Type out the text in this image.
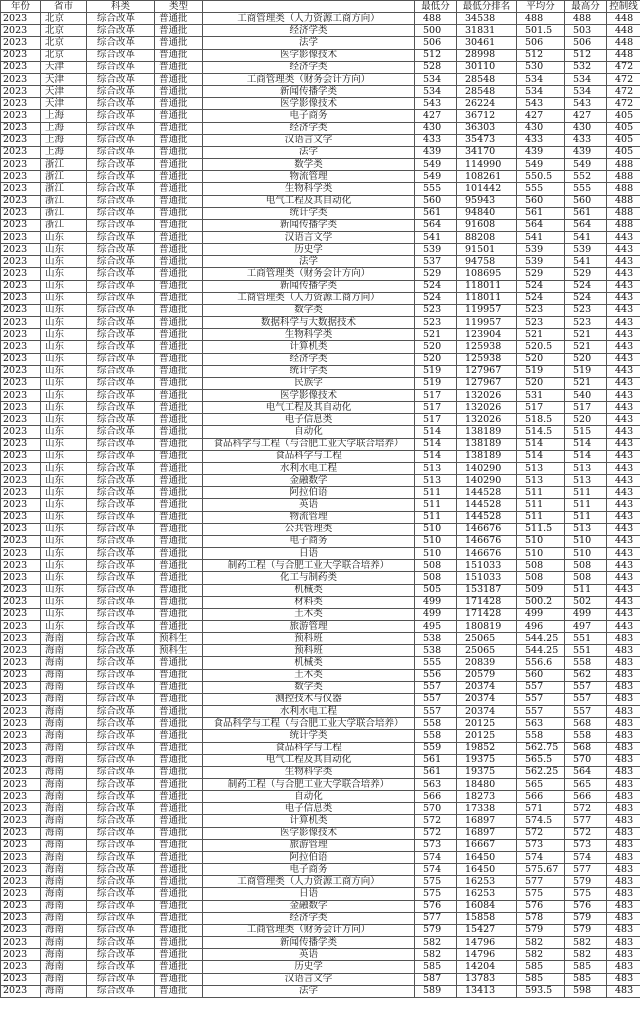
年份	省市	科类	类型		最低分	最低分排名	平均分	最高分	控制线
2023	北京	综合改革	普通批	工商管理类（人力资源工商方向）	488	34538	488	488	448
2023	北京	综合改革	普通批	经济学类	500	31831	501.5	503	448
2023	北京	综合改革	普通批	法学	506	30461	506	506	448
2023	北京	综合改革	普通批	医学影像技术	512	28998	512	512	448
2023	天津	综合改革	普通批	经济学类	528	30110	530	532	472
2023	天津	综合改革	普通批	工商管理类（财务会计方向）	534	28548	534	534	472
2023	天津	综合改革	普通批	新闻传播学类	534	28548	534	534	472
2023	天津	综合改革	普通批	医学影像技术	543	26224	543	543	472
2023	上海	综合改革	普通批	电子商务	427	36712	427	427	405
2023	上海	综合改革	普通批	经济学类	430	36303	430	430	405
2023	上海	综合改革	普通批	汉语言文学	433	35473	433	433	405
2023	上海	综合改革	普通批	法学	439	34170	439	439	405
2023	浙江	综合改革	普通批	数学类	549	114990	549	549	488
2023	浙江	综合改革	普通批	物流管理	549	108261	550.5	552	488
2023	浙江	综合改革	普通批	生物科学类	555	101442	555	555	488
2023	浙江	综合改革	普通批	电气工程及其自动化	560	95943	560	560	488
2023	浙江	综合改革	普通批	统计学类	561	94840	561	561	488
2023	浙江	综合改革	普通批	新闻传播学类	564	91608	564	564	488
2023	山东	综合改革	普通批	汉语言文学	541	88208	541	541	443
2023	山东	综合改革	普通批	历史学	539	91501	539	539	443
2023	山东	综合改革	普通批	法学	537	94758	539	541	443
2023	山东	综合改革	普通批	工商管理类（财务会计方向）	529	108695	529	529	443
2023	山东	综合改革	普通批	新闻传播学类	524	118011	524	524	443
2023	山东	综合改革	普通批	工商管理类（人力资源工商方向）	524	118011	524	524	443
2023	山东	综合改革	普通批	数学类	523	119957	523	523	443
2023	山东	综合改革	普通批	数据科学与大数据技术	523	119957	523	523	443
2023	山东	综合改革	普通批	生物科学类	521	123904	521	521	443
2023	山东	综合改革	普通批	计算机类	520	125938	520.5	521	443
2023	山东	综合改革	普通批	经济学类	520	125938	520	520	443
2023	山东	综合改革	普通批	统计学类	519	127967	519	519	443
2023	山东	综合改革	普通批	民族学	519	127967	520	521	443
2023	山东	综合改革	普通批	医学影像技术	517	132026	531	540	443
2023	山东	综合改革	普通批	电气工程及其自动化	517	132026	517	517	443
2023	山东	综合改革	普通批	电子信息类	517	132026	518.5	520	443
2023	山东	综合改革	普通批	自动化	514	138189	514.5	515	443
2023	山东	综合改革	普通批	食品科学与工程（与合肥工业大学联合培养）	514	138189	514	514	443
2023	山东	综合改革	普通批	食品科学与工程	514	138189	514	514	443
2023	山东	综合改革	普通批	水利水电工程	513	140290	513	513	443
2023	山东	综合改革	普通批	金融数学	513	140290	513	513	443
2023	山东	综合改革	普通批	阿拉伯语	511	144528	511	511	443
2023	山东	综合改革	普通批	英语	511	144528	511	511	443
2023	山东	综合改革	普通批	物流管理	511	144528	511	511	443
2023	山东	综合改革	普通批	公共管理类	510	146676	511.5	513	443
2023	山东	综合改革	普通批	电子商务	510	146676	510	510	443
2023	山东	综合改革	普通批	日语	510	146676	510	510	443
2023	山东	综合改革	普通批	制药工程（与合肥工业大学联合培养）	508	151033	508	508	443
2023	山东	综合改革	普通批	化工与制药类	508	151033	508	508	443
2023	山东	综合改革	普通批	机械类	505	153187	509	511	443
2023	山东	综合改革	普通批	材料类	499	171428	500.2	502	443
2023	山东	综合改革	普通批	土木类	499	171428	499	499	443
2023	山东	综合改革	普通批	旅游管理	495	180819	496	497	443
2023	海南	综合改革	预科生	预科班	538	25065	544.25	551	483
2023	海南	综合改革	预科生	预科班	538	25065	544.25	551	483
2023	海南	综合改革	普通批	机械类	555	20839	556.6	558	483
2023	海南	综合改革	普通批	土木类	556	20579	560	562	483
2023	海南	综合改革	普通批	数学类	557	20374	557	557	483
2023	海南	综合改革	普通批	测控技术与仪器	557	20374	557	557	483
2023	海南	综合改革	普通批	水利水电工程	557	20374	557	557	483
2023	海南	综合改革	普通批	食品科学与工程（与合肥工业大学联合培养）	558	20125	563	568	483
2023	海南	综合改革	普通批	统计学类	558	20125	558	558	483
2023	海南	综合改革	普通批	食品科学与工程	559	19852	562.75	568	483
2023	海南	综合改革	普通批	电气工程及其自动化	561	19375	565.5	570	483
2023	海南	综合改革	普通批	生物科学类	561	19375	562.25	564	483
2023	海南	综合改革	普通批	制药工程（与合肥工业大学联合培养）	563	18480	565	565	483
2023	海南	综合改革	普通批	自动化	566	18273	566	566	483
2023	海南	综合改革	普通批	电子信息类	570	17338	571	572	483
2023	海南	综合改革	普通批	计算机类	572	16897	574.5	577	483
2023	海南	综合改革	普通批	医学影像技术	572	16897	572	572	483
2023	海南	综合改革	普通批	旅游管理	573	16667	573	573	483
2023	海南	综合改革	普通批	阿拉伯语	574	16450	574	574	483
2023	海南	综合改革	普通批	电子商务	574	16450	575.67	577	483
2023	海南	综合改革	普通批	工商管理类（人力资源工商方向）	575	16253	577	579	483
2023	海南	综合改革	普通批	日语	575	16253	575	575	483
2023	海南	综合改革	普通批	金融数学	576	16084	576	576	483
2023	海南	综合改革	普通批	经济学类	577	15858	578	579	483
2023	海南	综合改革	普通批	工商管理类（财务会计方向）	579	15427	579	579	483
2023	海南	综合改革	普通批	新闻传播学类	582	14796	582	582	483
2023	海南	综合改革	普通批	英语	582	14796	582	582	483
2023	海南	综合改革	普通批	历史学	585	14204	585	585	483
2023	海南	综合改革	普通批	汉语言文学	587	13783	585	585	483
2023	海南	综合改革	普通批	法学	589	13413	593.5	598	483
